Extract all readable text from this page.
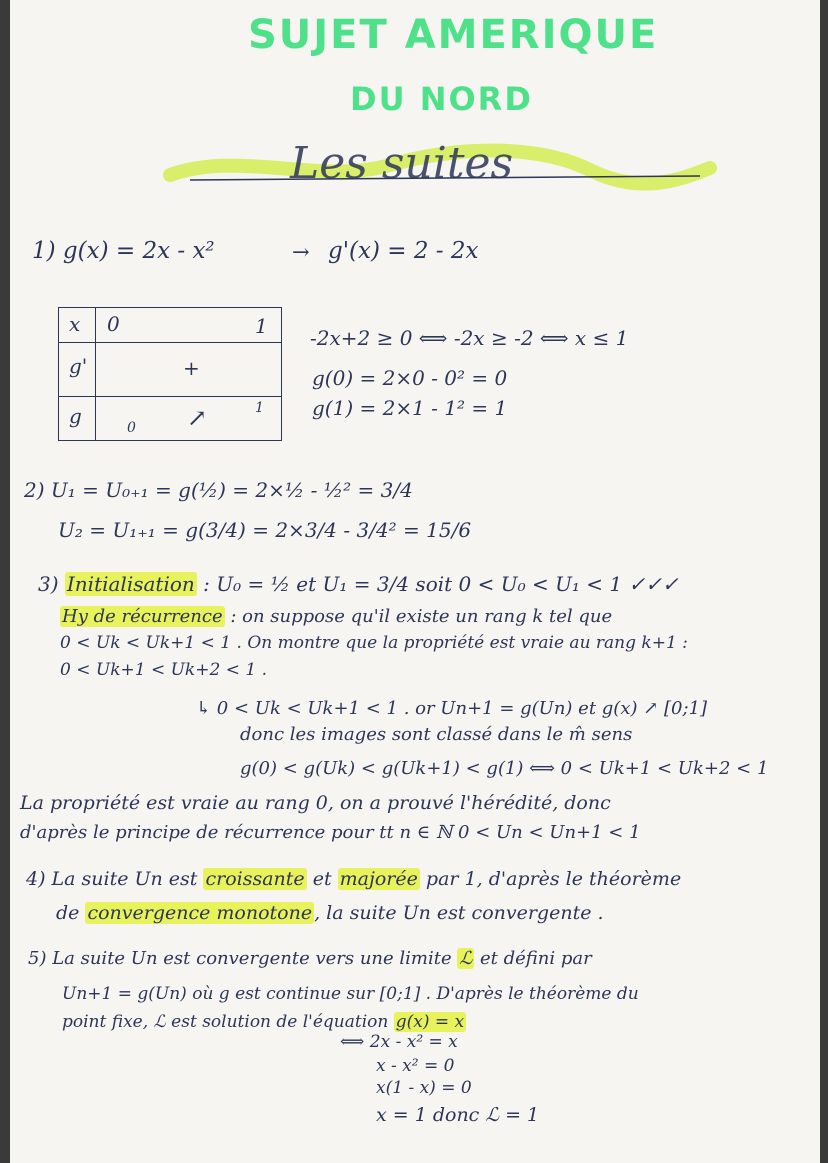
SUJET AMERIQUE
DU NORD
Les suites
1) g(x) = 2x - x²	→ g'(x) = 2 - 2x
x 0	1
g'	+
g	0 ↗	1
-2x+2 ≥ 0 ⟺ -2x ≥ -2 ⟺ x ≤ 1
g(0) = 2×0 - 0² = 0
g(1) = 2×1 - 1² = 1
2) U₁ = U₀₊₁ = g(½) = 2×½ - ½² = 3/4
U₂ = U₁₊₁ = g(3/4) = 2×3/4 - 3/4² = 15/6
3) Initialisation : U₀ = ½ et U₁ = 3/4 soit 0 < U₀ < U₁ < 1 ✓✓✓
Hy de récurrence : on suppose qu'il existe un rang k tel que
0 < Uk < Uk+1 < 1 . On montre que la propriété est vraie au rang k+1 :
0 < Uk+1 < Uk+2 < 1 .
↳ 0 < Uk < Uk+1 < 1 . or Un+1 = g(Un) et g(x) ↗ [0;1]
donc les images sont classé dans le m̂ sens
g(0) < g(Uk) < g(Uk+1) < g(1) ⟺ 0 < Uk+1 < Uk+2 < 1
La propriété est vraie au rang 0, on a prouvé l'hérédité, donc
d'après le principe de récurrence pour tt n ∈ ℕ 0 < Un < Un+1 < 1
4) La suite Un est croissante et majorée par 1, d'après le théorème
de convergence monotone , la suite Un est convergente .
5) La suite Un est convergente vers une limite ℒ et défini par
Un+1 = g(Un) où g est continue sur [0;1] . D'après le théorème du
point fixe, ℒ est solution de l'équation g(x) = x
⟺ 2x - x² = x
x - x² = 0
x(1 - x) = 0
x = 1 donc ℒ = 1
